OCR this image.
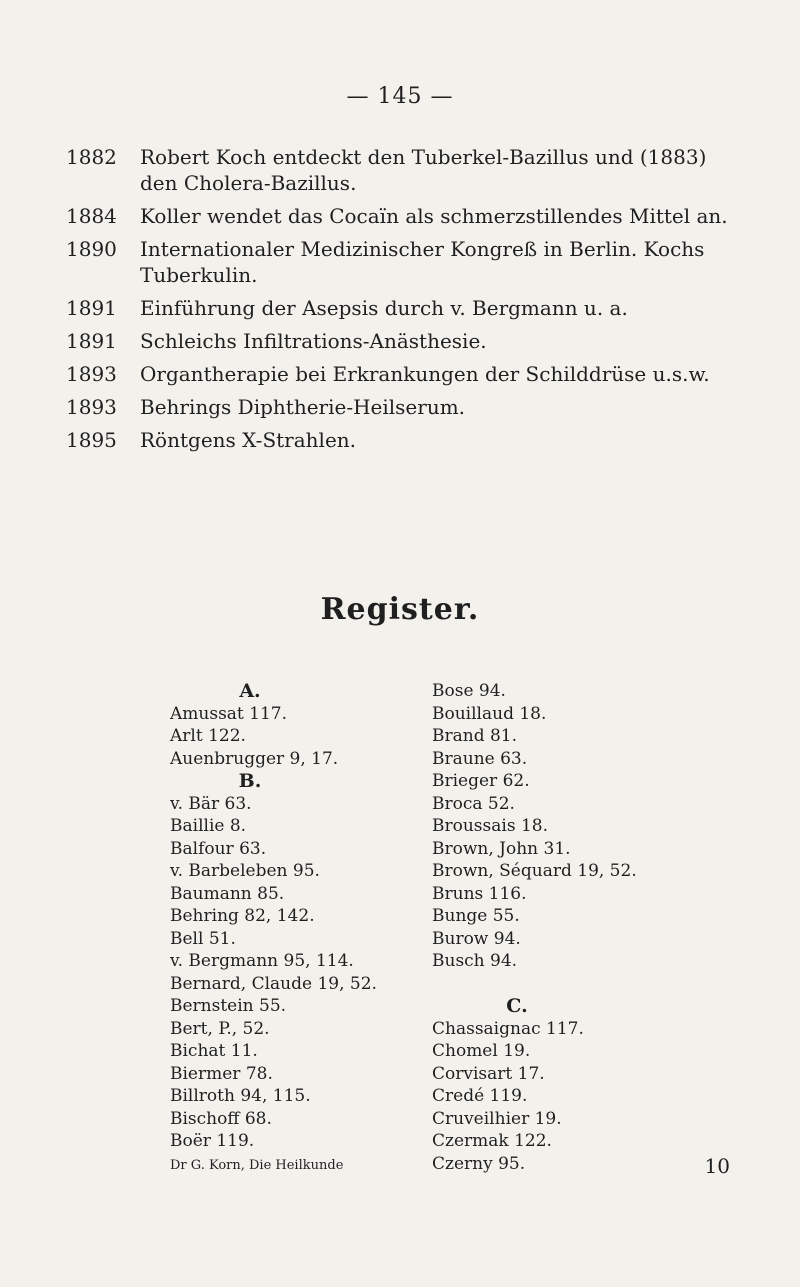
— 145 —
1882	Robert Koch entdeckt den Tuberkel-Bazillus und (1883) den Cholera-Bazillus.
1884	Koller wendet das Cocaïn als schmerzstillendes Mittel an.
1890	Internationaler Medizinischer Kongreß in Berlin. Kochs Tuberkulin.
1891	Einführung der Asepsis durch v. Bergmann u. a.
1891	Schleichs Infiltrations-Anästhesie.
1893	Organtherapie bei Erkrankungen der Schilddrüse u.s.w.
1893	Behrings Diphtherie-Heilserum.
1895	Röntgens X-Strahlen.
Register.
A.
Amussat 117.
Arlt 122.
Auenbrugger 9, 17.
B.
v. Bär 63.
Baillie 8.
Balfour 63.
v. Barbeleben 95.
Baumann 85.
Behring 82, 142.
Bell 51.
v. Bergmann 95, 114.
Bernard, Claude 19, 52.
Bernstein 55.
Bert, P., 52.
Bichat 11.
Biermer 78.
Billroth 94, 115.
Bischoff 68.
Boër 119.
Bose 94.
Bouillaud 18.
Brand 81.
Braune 63.
Brieger 62.
Broca 52.
Broussais 18.
Brown, John 31.
Brown, Séquard 19, 52.
Bruns 116.
Bunge 55.
Burow 94.
Busch 94.

C.
Chassaignac 117.
Chomel 19.
Corvisart 17.
Credé 119.
Cruveilhier 19.
Czermak 122.
Czerny 95.
Dr G. Korn, Die Heilkunde	10
